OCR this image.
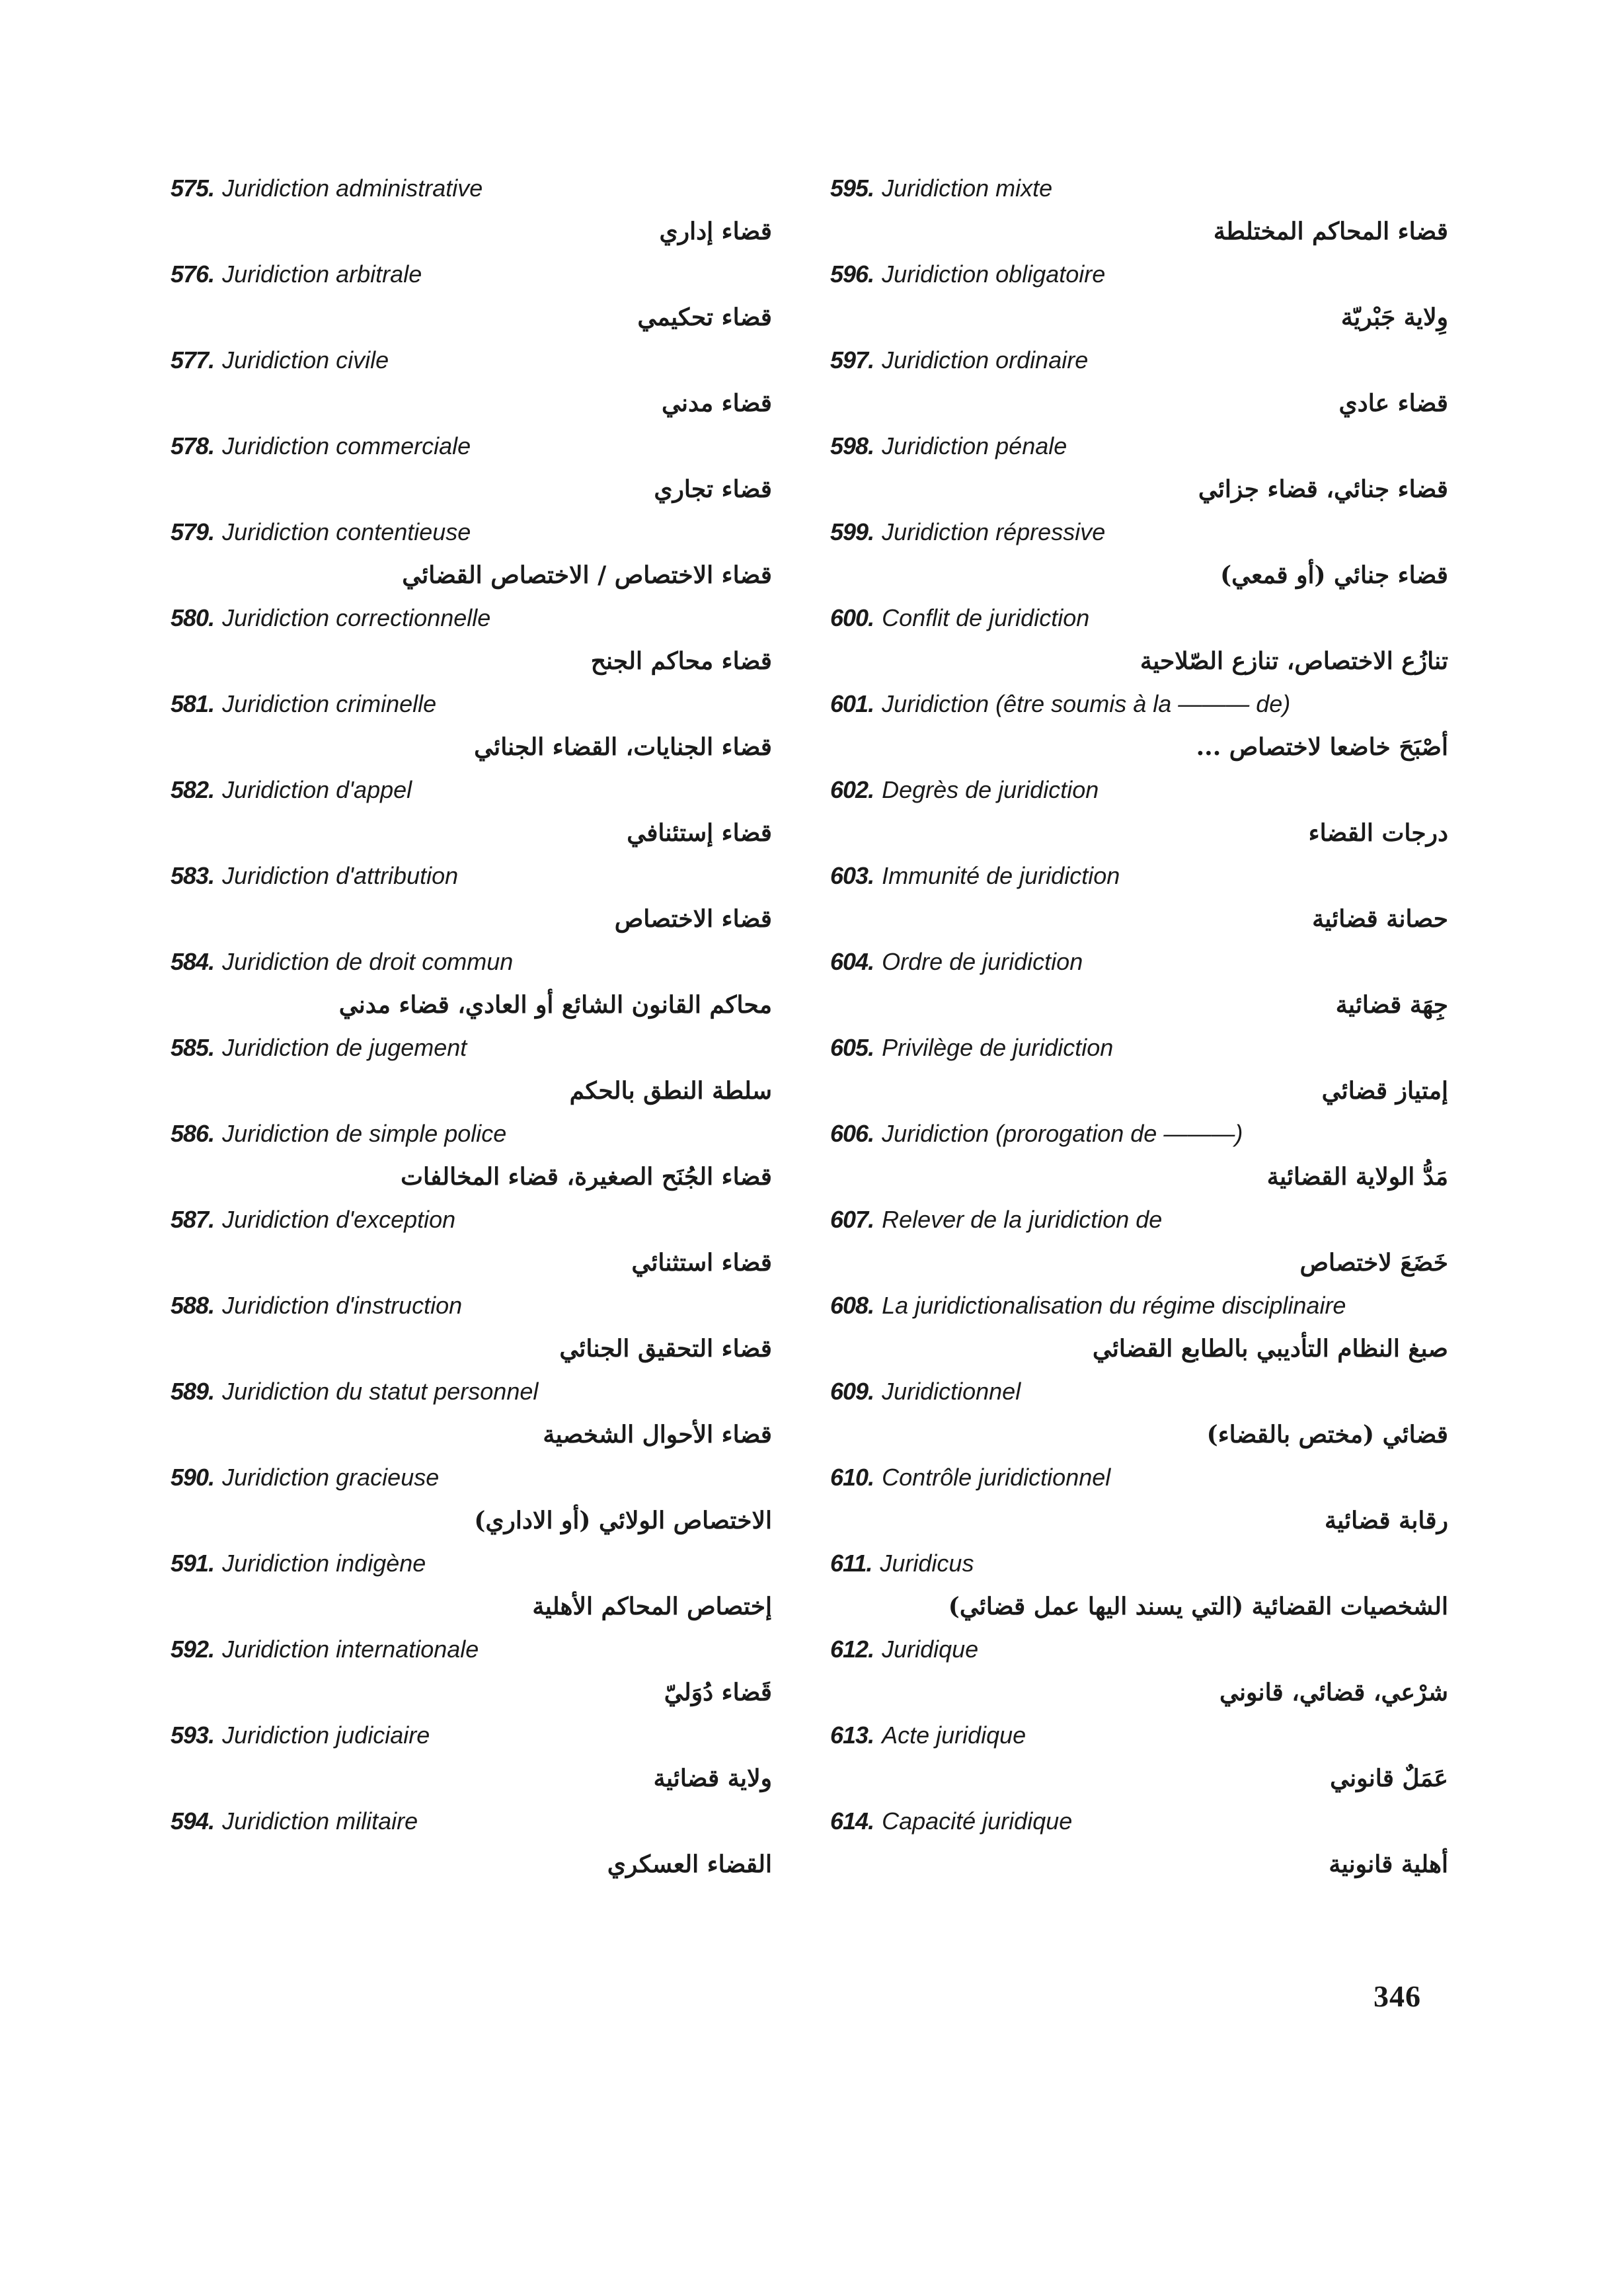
575. Juridiction administrative
قضاء إداري
576. Juridiction arbitrale
قضاء تحكيمي
577. Juridiction civile
قضاء مدني
578. Juridiction commerciale
قضاء تجاري
579. Juridiction contentieuse
قضاء الاختصاص / الاختصاص القضائي
580. Juridiction correctionnelle
قضاء محاكم الجنح
581. Juridiction criminelle
قضاء الجنايات، القضاء الجنائي
582. Juridiction d'appel
قضاء إستئنافي
583. Juridiction d'attribution
قضاء الاختصاص
584. Juridiction de droit commun
محاكم القانون الشائع أو العادي، قضاء مدني
585. Juridiction de jugement
سلطة النطق بالحكم
586. Juridiction de simple police
قضاء الجُنَح الصغيرة، قضاء المخالفات
587. Juridiction d'exception
قضاء استثنائي
588. Juridiction d'instruction
قضاء التحقيق الجنائي
589. Juridiction du statut personnel
قضاء الأحوال الشخصية
590. Juridiction gracieuse
الاختصاص الولائي (أو الاداري)
591. Juridiction indigène
إختصاص المحاكم الأهلية
592. Juridiction internationale
قَضاء دُوَليّ
593. Juridiction judiciaire
ولاية قضائية
594. Juridiction militaire
القضاء العسكري
595. Juridiction mixte
قضاء المحاكم المختلطة
596. Juridiction obligatoire
وِلاية جَبْريّة
597. Juridiction ordinaire
قضاء عادي
598. Juridiction pénale
قضاء جنائي، قضاء جزائي
599. Juridiction répressive
قضاء جنائي (أو قمعي)
600. Conflit de juridiction
تنازُع الاختصاص، تنازع الصّلاحية
601. Juridiction (être soumis à la ——— de)
أصْبَحَ خاضعا لاختصاص ...
602. Degrès de juridiction
درجات القضاء
603. Immunité de juridiction
حصانة قضائية
604. Ordre de juridiction
جِهَة قضائية
605. Privilège de juridiction
إمتياز قضائي
606. Juridiction (prorogation de ———)
مَدُّ الولاية القضائية
607. Relever de la juridiction de
خَضَعَ لاختصاص
608. La juridictionalisation du régime disciplinaire
صبغ النظام التأديبي بالطابع القضائي
609. Juridictionnel
قضائي (مختص بالقضاء)
610. Contrôle juridictionnel
رقابة قضائية
611. Juridicus
الشخصيات القضائية (التي يسند اليها عمل قضائي)
612. Juridique
شرْعي، قضائي، قانوني
613. Acte juridique
عَمَلٌ قانوني
614. Capacité juridique
أهلية قانونية
346
